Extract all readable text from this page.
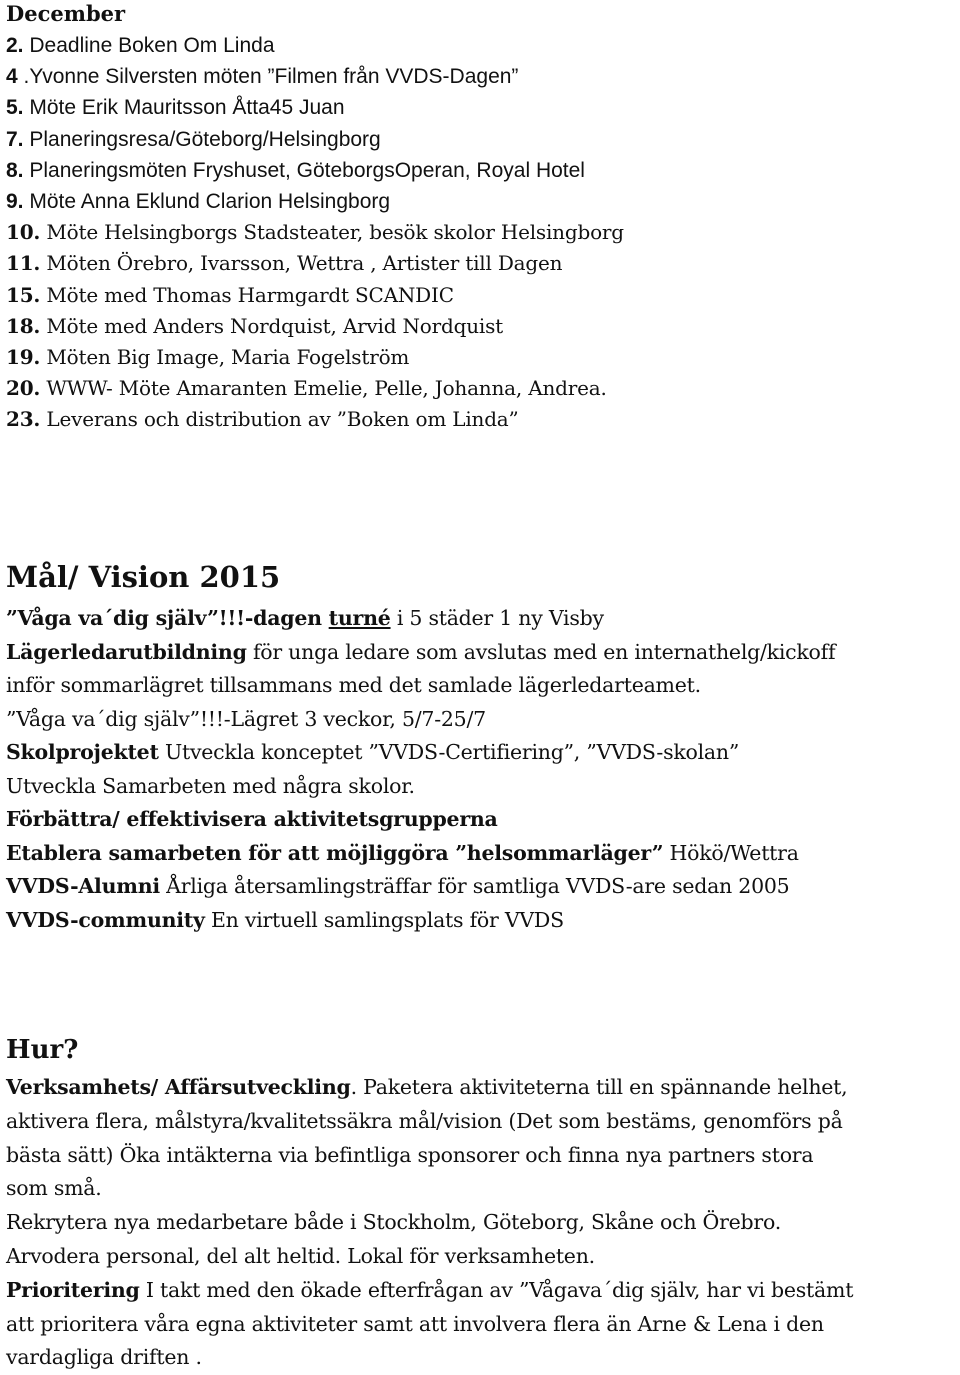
December
2. Deadline Boken Om Linda
4 .Yvonne Silversten möten ”Filmen från VVDS-Dagen”
5. Möte Erik Mauritsson Åtta45 Juan
7. Planeringsresa/Göteborg/Helsingborg
8. Planeringsmöten Fryshuset, GöteborgsOperan, Royal Hotel
9. Möte Anna Eklund Clarion Helsingborg
10. Möte Helsingborgs Stadsteater, besök skolor Helsingborg
11. Möten Örebro, Ivarsson, Wettra , Artister till Dagen
15. Möte med Thomas Harmgardt SCANDIC
18. Möte med Anders Nordquist, Arvid Nordquist
19. Möten Big Image, Maria Fogelström
20. WWW- Möte Amaranten Emelie, Pelle, Johanna, Andrea.
23. Leverans och distribution av ”Boken om Linda”
Mål/ Vision 2015
”Våga va´dig själv”!!!-dagen turné i 5 städer 1 ny Visby
Lägerledarutbildning för unga ledare som avslutas med en internathelg/kickoff
inför sommarlägret tillsammans med det samlade lägerledarteamet.
”Våga va´dig själv”!!!-Lägret 3 veckor, 5/7-25/7
Skolprojektet Utveckla konceptet ”VVDS-Certifiering”, ”VVDS-skolan”
Utveckla Samarbeten med några skolor.
Förbättra/ effektivisera aktivitetsgrupperna
Etablera samarbeten för att möjliggöra ”helsommarläger” Hökö/Wettra
VVDS-Alumni Årliga återsamlingsträffar för samtliga VVDS-are sedan 2005
VVDS-community En virtuell samlingsplats för VVDS
Hur?
Verksamhets/ Affärsutveckling. Paketera aktiviteterna till en spännande helhet,
aktivera flera, målstyra/kvalitetssäkra mål/vision (Det som bestäms, genomförs på
bästa sätt) Öka intäkterna via befintliga sponsorer och finna nya partners stora
som små.
Rekrytera nya medarbetare både i Stockholm, Göteborg, Skåne och Örebro.
Arvodera personal, del alt heltid. Lokal för verksamheten.
Prioritering I takt med den ökade efterfrågan av ”Vågava´dig själv, har vi bestämt
att prioritera våra egna aktiviteter samt att involvera flera än Arne & Lena i den
vardagliga driften .
